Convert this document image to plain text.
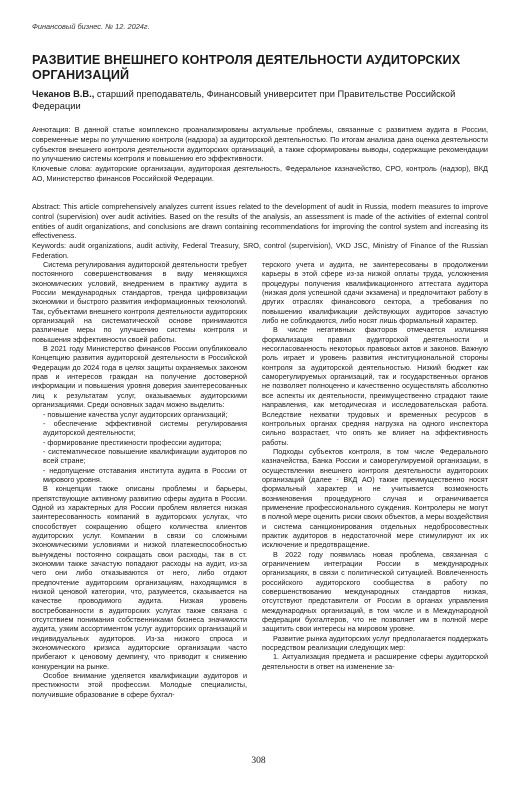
Финансовый бизнес. № 12. 2024г.
РАЗВИТИЕ ВНЕШНЕГО КОНТРОЛЯ ДЕЯТЕЛЬНОСТИ АУДИТОРСКИХ ОРГАНИЗАЦИЙ
Чеканов В.В., старший преподаватель, Финансовый университет при Правительстве Российской Федерации
Аннотация: В данной статье комплексно проанализированы актуальные проблемы, связанные с развитием аудита в России, современные меры по улучшению контроля (надзора) за аудиторской деятельностью. По итогам анализа дана оценка деятельности субъектов внешнего контроля деятельности аудиторских организаций, а также сформированы выводы, содержащие рекомендации по улучшению системы контроля и повышению его эффективности.
Ключевые слова: аудиторские организации, аудиторская деятельность, Федеральное казначейство, СРО, контроль (надзор), ВКД АО, Министерство финансов Российской Федерации.
Abstract: This article comprehensively analyzes current issues related to the development of audit in Russia, modern measures to improve control (supervision) over audit activities. Based on the results of the analysis, an assessment is made of the activities of external control entities of audit organizations, and conclusions are drawn containing recommendations for improving the control system and increasing its effectiveness.
Keywords: audit organizations, audit activity, Federal Treasury, SRO, control (supervision), VKD JSC, Ministry of Finance of the Russian Federation.

Система регулирования аудиторской деятельности требует постоянного совершенствования в виду меняющихся экономических условий, внедрением в практику аудита в России международных стандартов, тренда цифровизации экономики и быстрого развития информационных технологий. Так, субъектами внешнего контроля деятельности аудиторских организаций на систематической основе принимаются различные меры по улучшению системы контроля и повышения эффективности своей работы.

В 2021 году Министерство финансов России опубликовало Концепцию развития аудиторской деятельности в Российской Федерации до 2024 года в целях защиты охраняемых законом прав и интересов граждан на получение достоверной информации и повышения уровня доверия заинтересованных лиц к результатам услуг, оказываемых аудиторскими организациями. Среди основных задач можно выделить:

- повышение качества услуг аудиторских организаций;

- обеспечение эффективной системы регулирования аудиторской деятельности;

- формирование престижности профессии аудитора;

- систематическое повышение квалификации аудиторов по всей стране;

- недопущение отставания института аудита в России от мирового уровня.

В концепции также описаны проблемы и барьеры, препятствующие активному развитию сферы аудита в России. Одной из характерных для России проблем является низкая заинтересованность компаний в аудиторских услугах, что способствует сокращению общего количества клиентов аудиторских услуг. Компании в связи со сложными экономическими условиями и низкой платежеспособностью вынуждены постоянно сокращать свои расходы, так в ст. экономии также зачастую попадают расходы на аудит, из-за чего они либо отказываются от него, либо отдают предпочтение аудиторским организациям, находящимся в низкой ценовой категории, что, разумеется, сказывается на качестве проводимого аудита. Низкая уровень востребованности в аудиторских услугах также связана с отсутствием понимания собственниками бизнеса значимости аудита, узким ассортиментом услуг аудиторских организаций и индивидуальных аудиторов. Из-за низкого спроса и экономического кризиса аудиторские организации часто прибегают к ценовому демпингу, что приводит к снижению конкуренции на рынке.

Особое внимание уделяется квалификации аудиторов и престижности этой профессии. Молодые специалисты, получившие образование в сфере бухгал-

терского учета и аудита, не заинтересованы в продолжении карьеры в этой сфере из-за низкой оплаты труда, усложнения процедуры получения квалификационного аттестата аудитора (низкая доля успешной сдачи экзамена) и предпочитают работу в других отраслях финансового сектора, а требования по повышению квалификации действующих аудиторов зачастую либо не соблюдаются, либо носят лишь формальный характер.

В числе негативных факторов отмечается излишняя формализация правил аудиторской деятельности и несогласованность некоторых правовых актов и законов. Важную роль играет и уровень развития институциональной стороны контроля за аудиторской деятельностью. Низкий бюджет как саморегулируемых организаций, так и государственных органов не позволяет полноценно и качественно осуществлять абсолютно все аспекты их деятельности, преимущественно страдают такие направления, как методическая и исследовательская работа. Вследствие нехватки трудовых и временных ресурсов в контрольных органах средняя нагрузка на одного инспектора сильно возрастает, что опять же влияет на эффективность работы.

Подходы субъектов контроля, в том числе Федерального казначейства, Банка России и саморегулируемой организации, в осуществлении внешнего контроля деятельности аудиторских организаций (далее - ВКД АО) также преимущественно носят формальный характер и не учитывается возможность возникновения процедурного случая и ограничивается применение профессионального суждения. Контролеры не могут в полной мере оценить риски своих объектов, а меры воздействия и система санкционирования отдельных недобросовестных практик аудиторов в недостаточной мере стимулируют их их исключение и предотвращение.

В 2022 году появилась новая проблема, связанная с ограничением интеграции России в международных организациях, в связи с политической ситуацией. Вовлеченность российского аудиторского сообщества в работу по совершенствованию международных стандартов низкая, отсутствуют представители от России в органах управления международных организаций, в том числе и в Международной федерации бухгалтеров, что не позволяет им в полной мере защитить свои интересы на мировом уровне.

Развитие рынка аудиторских услуг предполагается поддержать посредством реализации следующих мер:

1. Актуализация предмета и расширение сферы аудиторской деятельности в ответ на изменение за-

308
